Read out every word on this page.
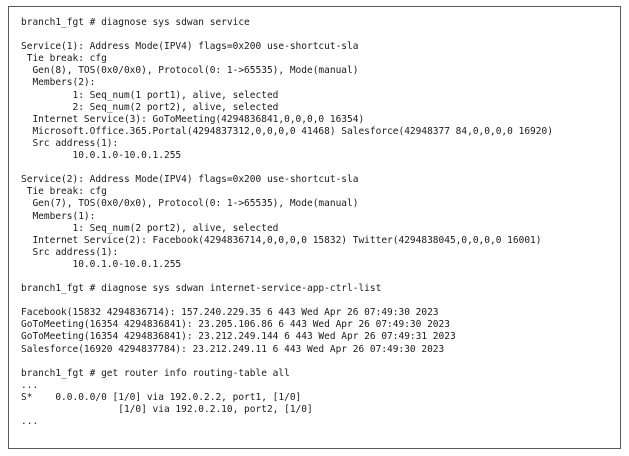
branch1_fgt # diagnose sys sdwan service

Service(1): Address Mode(IPV4) flags=0x200 use-shortcut-sla
Tie break: cfg
Gen(8), TOS(0x0/0x0), Protocol(0: 1->65535), Mode(manual)
Members(2):
1: Seq_num(1 port1), alive, selected
2: Seq_num(2 port2), alive, selected
Internet Service(3): GoToMeeting(4294836841,0,0,0,0 16354)
Microsoft.Office.365.Portal(4294837312,0,0,0,0 41468) Salesforce(42948377 84,0,0,0,0 16920)
Src address(1):
10.0.1.0-10.0.1.255

Service(2): Address Mode(IPV4) flags=0x200 use-shortcut-sla
Tie break: cfg
Gen(7), TOS(0x0/0x0), Protocol(0: 1->65535), Mode(manual)
Members(1):
1: Seq_num(2 port2), alive, selected
Internet Service(2): Facebook(4294836714,0,0,0,0 15832) Twitter(4294838045,0,0,0,0 16001)
Src address(1):
10.0.1.0-10.0.1.255

branch1_fgt # diagnose sys sdwan internet-service-app-ctrl-list

Facebook(15832 4294836714): 157.240.229.35 6 443 Wed Apr 26 07:49:30 2023
GoToMeeting(16354 4294836841): 23.205.106.86 6 443 Wed Apr 26 07:49:30 2023
GoToMeeting(16354 4294836841): 23.212.249.144 6 443 Wed Apr 26 07:49:31 2023
Salesforce(16920 4294837784): 23.212.249.11 6 443 Wed Apr 26 07:49:30 2023

branch1_fgt # get router info routing-table all
...
S*    0.0.0.0/0 [1/0] via 192.0.2.2, port1, [1/0]
[1/0] via 192.0.2.10, port2, [1/0]
...
